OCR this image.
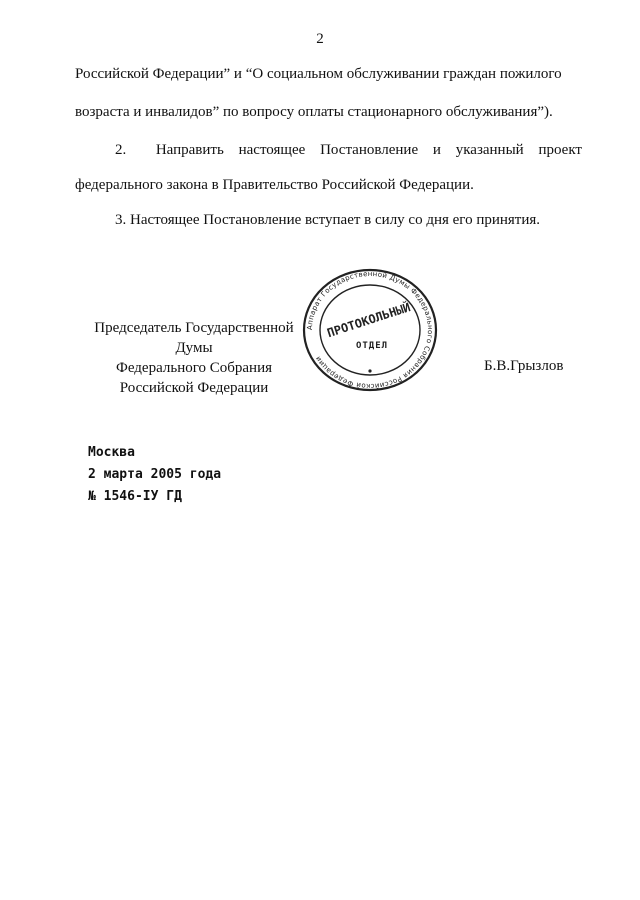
2
Российской Федерации” и “О социальном обслуживании граждан пожилого
возраста и инвалидов” по вопросу оплаты стационарного обслуживания”).
2.  Направить настоящее Постановление и указанный проект
федерального закона в Правительство Российской Федерации.
3. Настоящее Постановление вступает в силу со дня его принятия.
Председатель Государственной Думы
Федерального Собрания
Российской Федерации
Б.В.Грызлов
Аппарат Государственной Думы Федерального Собрания Российской Федерации
ПРОТОКОЛЬНЫЙ
ОТДЕЛ
Москва
2 марта 2005 года
№ 1546-IУ ГД
